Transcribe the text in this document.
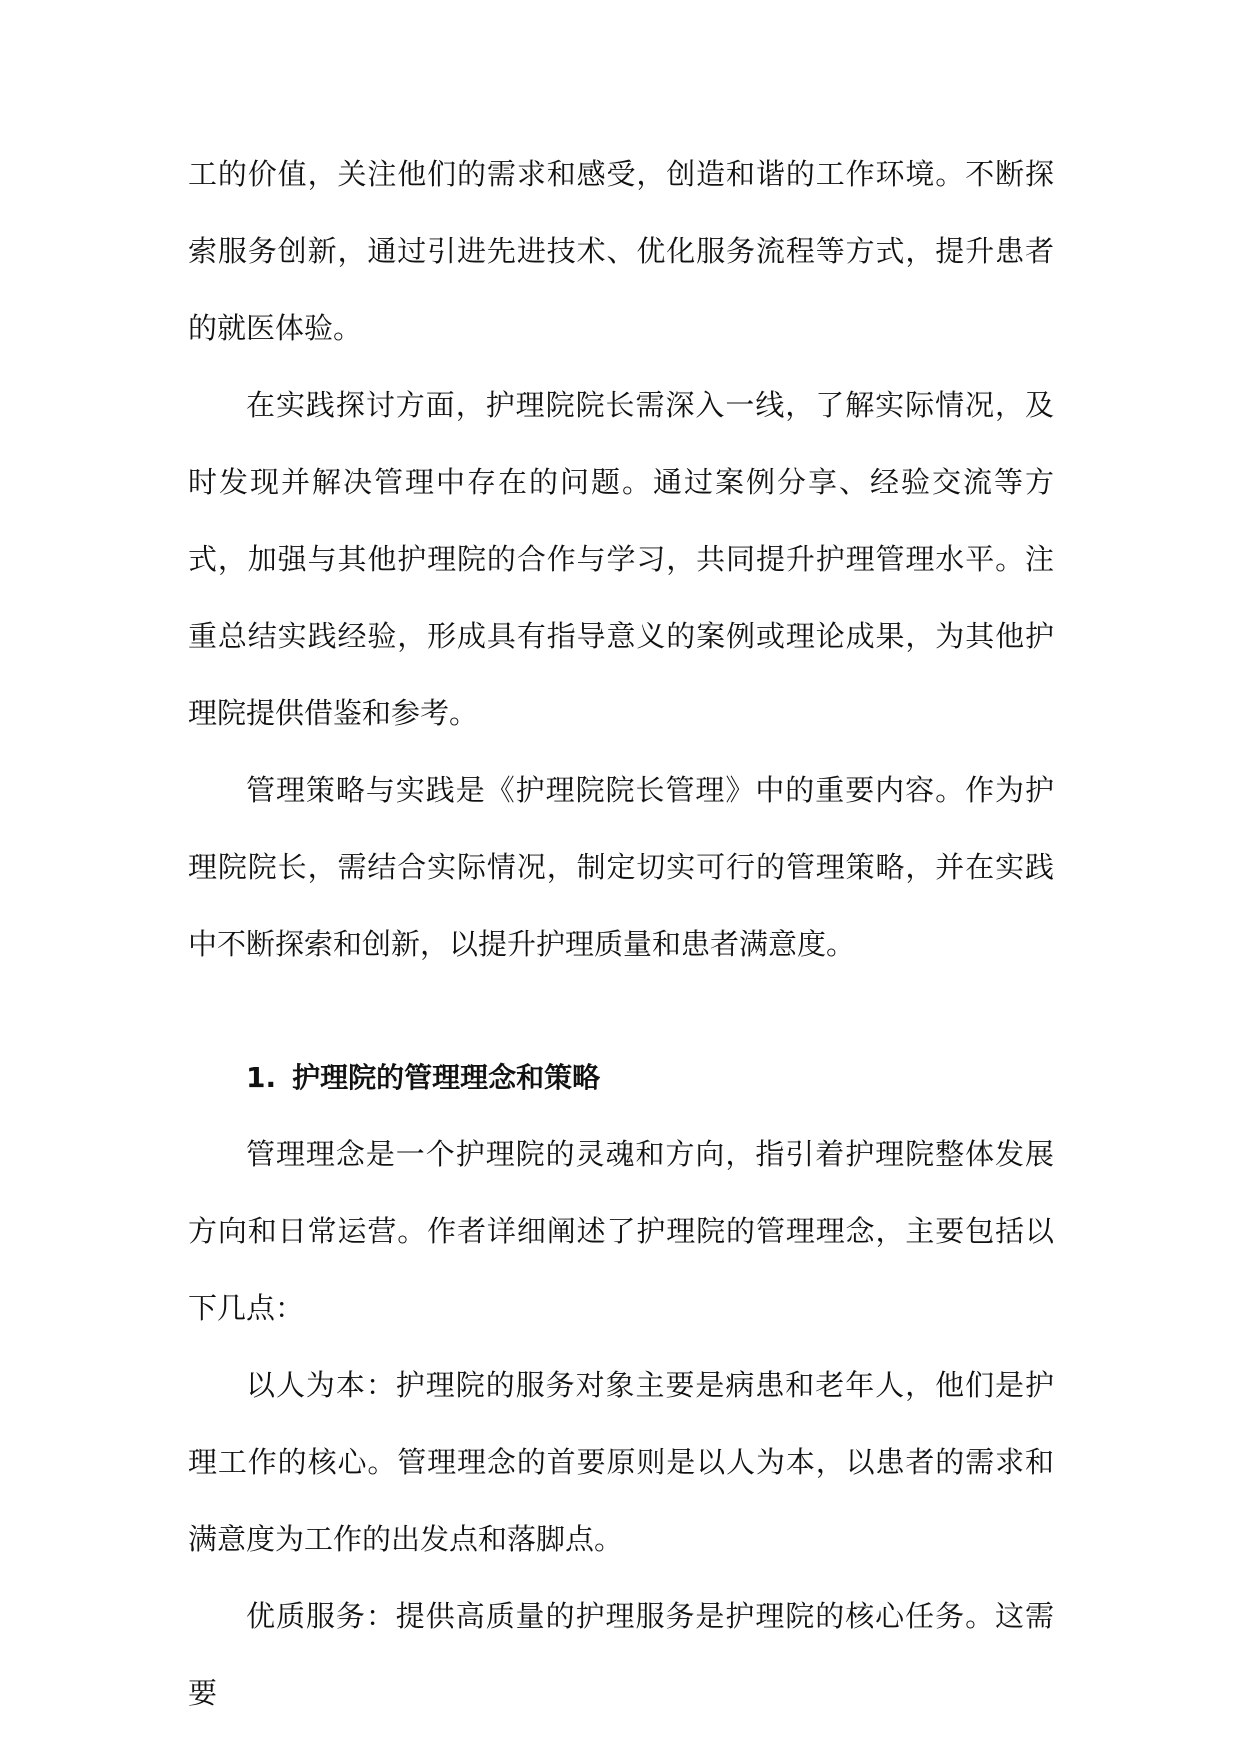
工的价值，关注他们的需求和感受，创造和谐的工作环境。不断探索服务创新，通过引进先进技术、优化服务流程等方式，提升患者的就医体验。

在实践探讨方面，护理院院长需深入一线，了解实际情况，及时发现并解决管理中存在的问题。通过案例分享、经验交流等方式，加强与其他护理院的合作与学习，共同提升护理管理水平。注重总结实践经验，形成具有指导意义的案例或理论成果，为其他护理院提供借鉴和参考。

管理策略与实践是《护理院院长管理》中的重要内容。作为护理院院长，需结合实际情况，制定切实可行的管理策略，并在实践中不断探索和创新，以提升护理质量和患者满意度。

1. 护理院的管理理念和策略

管理理念是一个护理院的灵魂和方向，指引着护理院整体发展方向和日常运营。作者详细阐述了护理院的管理理念，主要包括以下几点：

以人为本：护理院的服务对象主要是病患和老年人，他们是护理工作的核心。管理理念的首要原则是以人为本，以患者的需求和满意度为工作的出发点和落脚点。

优质服务：提供高质量的护理服务是护理院的核心任务。这需要
